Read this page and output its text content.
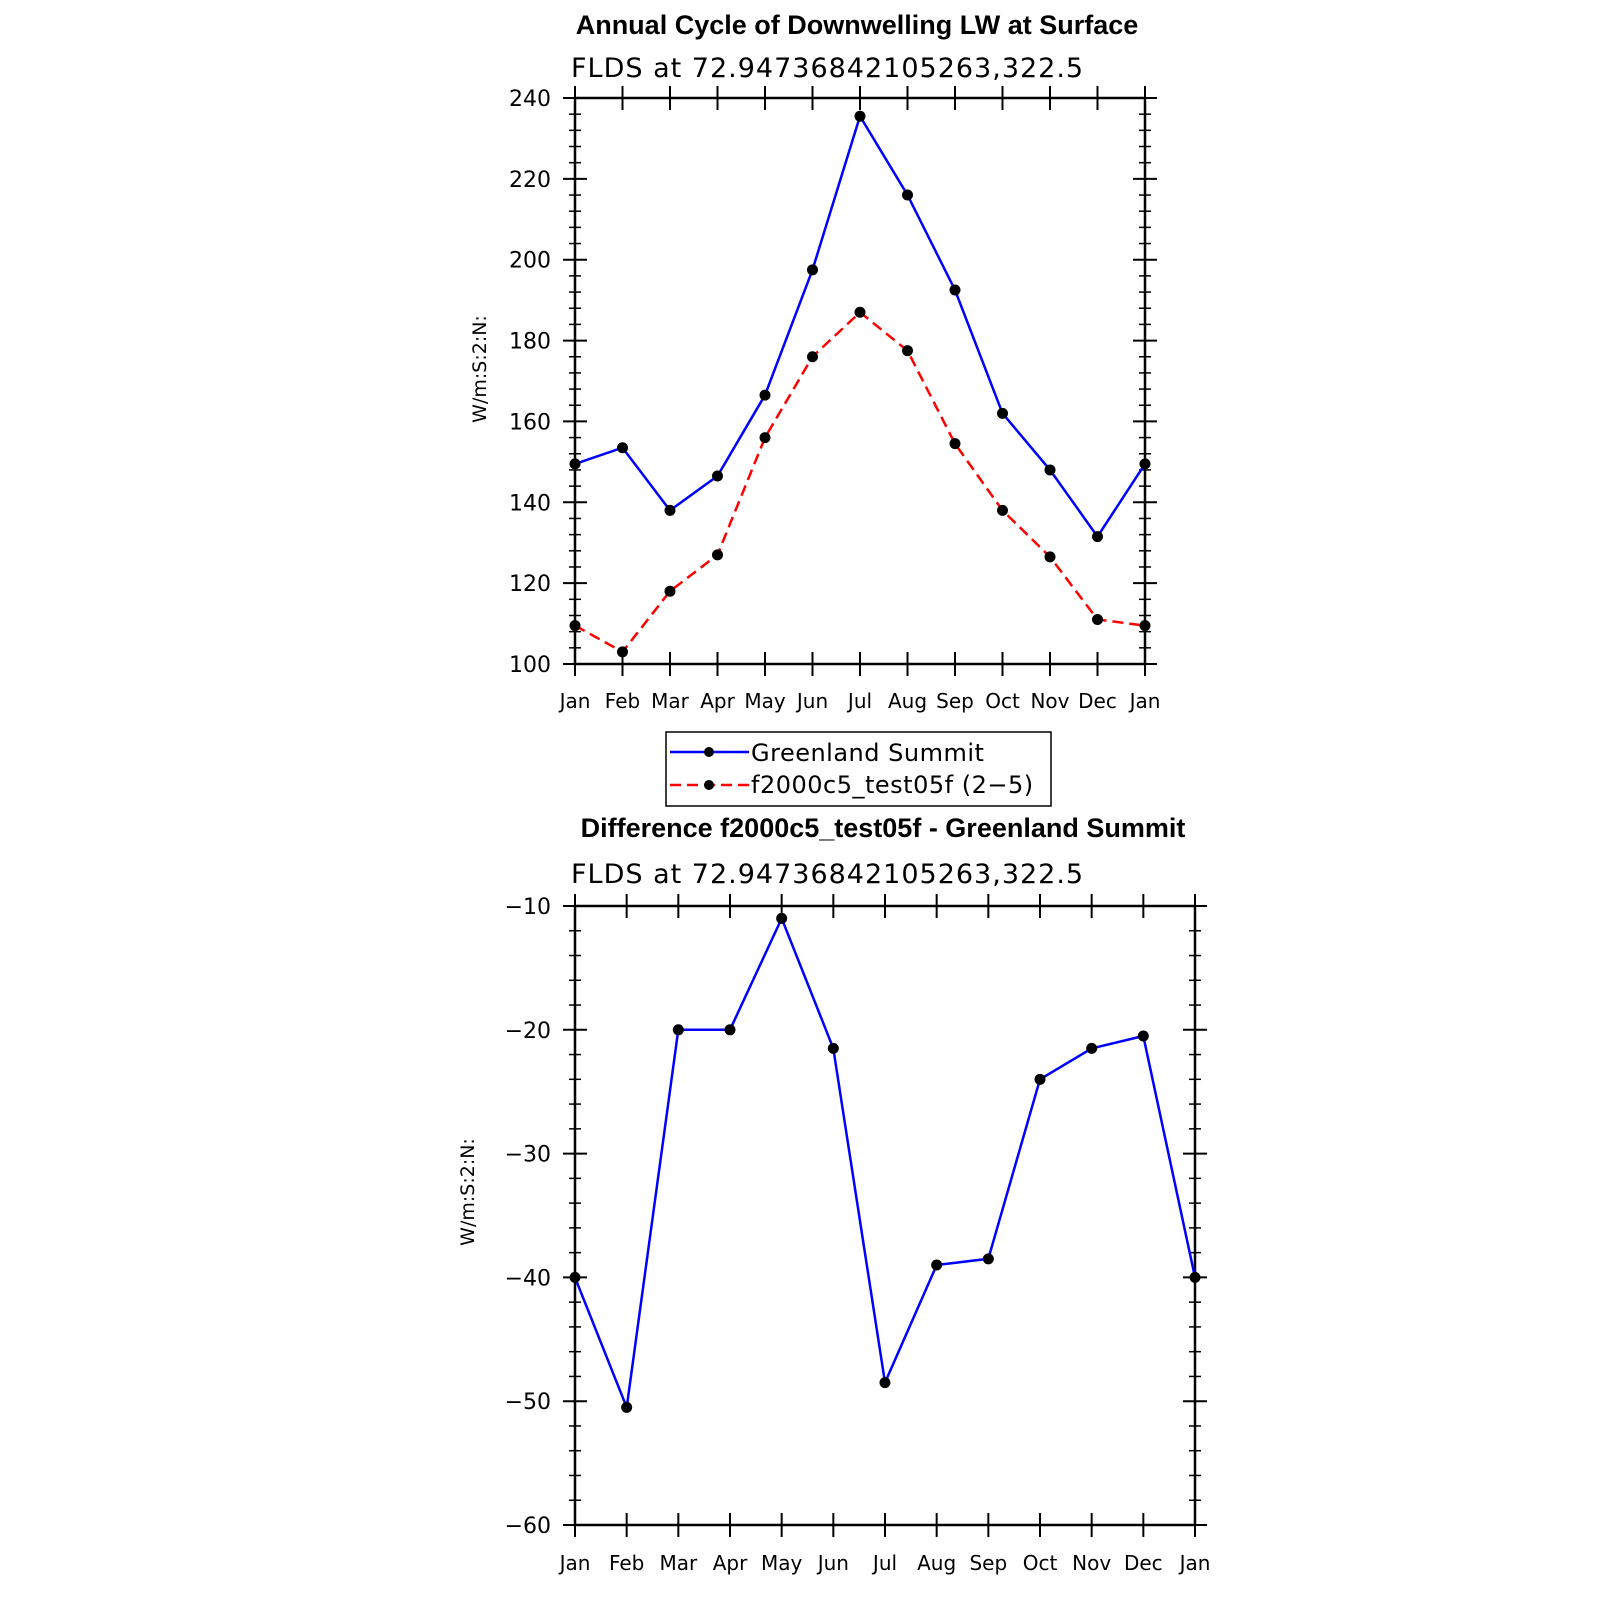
Annual Cycle of Downwelling LW at Surface
FLDS at 72.94736842105263,322.5
W/m:S:2:N:
100
120
140
160
180
200
220
240
Jan Feb Mar Apr May Jun Jul Aug Sep Oct Nov Dec Jan
Greenland Summit
f2000c5_test05f (2−5)
Difference f2000c5_test05f - Greenland Summit
FLDS at 72.94736842105263,322.5
W/m:S:2:N:
−60
−50
−40
−30
−20
−10
Jan Feb Mar Apr May Jun Jul Aug Sep Oct Nov Dec Jan
